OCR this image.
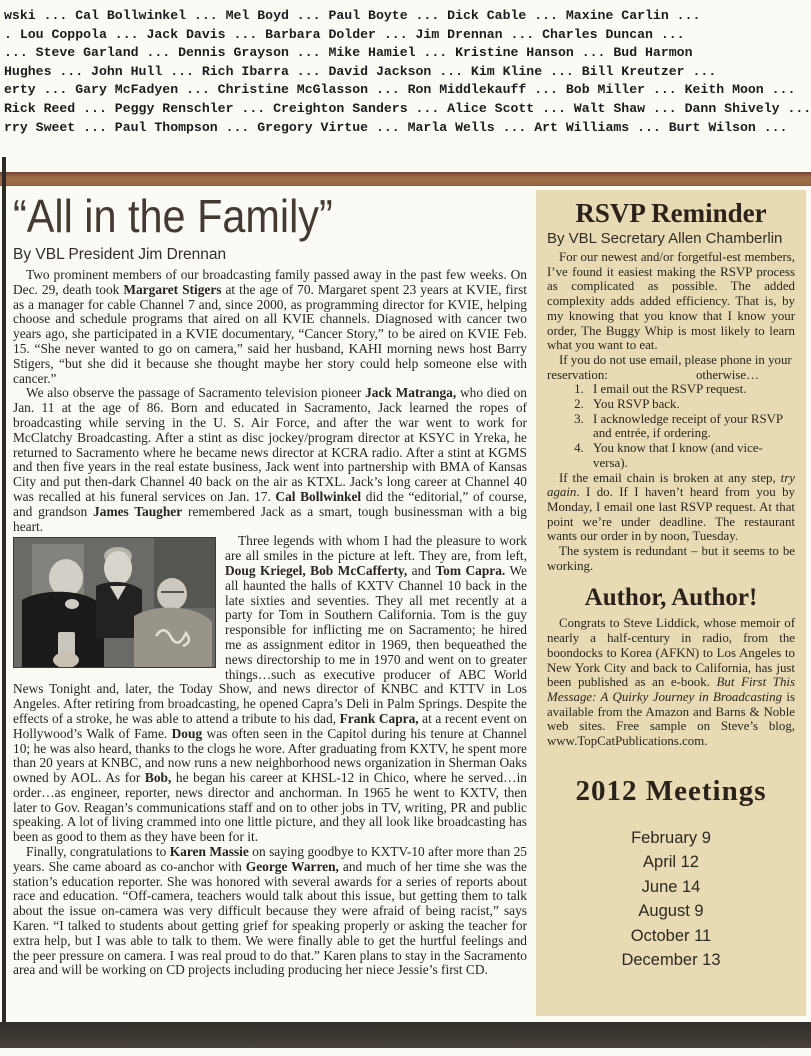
wski ... Cal Bollwinkel ... Mel Boyd ... Paul Boyte ... Dick Cable ... Maxine Carlin ...
. Lou Coppola ... Jack Davis ... Barbara Dolder ... Jim Drennan ... Charles Duncan ...
... Steve Garland ... Dennis Grayson ... Mike Hamiel ... Kristine Hanson ... Bud Harmon
Hughes ... John Hull ... Rich Ibarra ... David Jackson ... Kim Kline ... Bill Kreutzer ...
erty ... Gary McFadyen ... Christine McGlasson ... Ron Middlekauff ... Bob Miller ... Keith Moon ...
Rick Reed ... Peggy Renschler ... Creighton Sanders ... Alice Scott ... Walt Shaw ... Dann Shively ...
rry Sweet ... Paul Thompson ... Gregory Virtue ... Marla Wells ... Art Williams ... Burt Wilson ...
“All in the Family”
By VBL President Jim Drennan

Two prominent members of our broadcasting family passed away in the past few weeks. On Dec. 29, death took Margaret Stigers at the age of 70. Margaret spent 23 years at KVIE, first as a manager for cable Channel 7 and, since 2000, as programming director for KVIE, helping choose and schedule programs that aired on all KVIE channels. Diagnosed with cancer two years ago, she participated in a KVIE documentary, “Cancer Story,” to be aired on KVIE Feb. 15. “She never wanted to go on camera,” said her husband, KAHI morning news host Barry Stigers, “but she did it because she thought maybe her story could help someone else with cancer.”

We also observe the passage of Sacramento television pioneer Jack Matranga, who died on Jan. 11 at the age of 86. Born and educated in Sacramento, Jack learned the ropes of broadcasting while serving in the U. S. Air Force, and after the war went to work for McClatchy Broadcasting. After a stint as disc jockey/program director at KSYC in Yreka, he returned to Sacramento where he became news director at KCRA radio. After a stint at KGMS and then five years in the real estate business, Jack went into partnership with BMA of Kansas City and put then-dark Channel 40 back on the air as KTXL. Jack’s long career at Channel 40 was recalled at his funeral services on Jan. 17. Cal Bollwinkel did the “editorial,” of course, and grandson James Taugher remembered Jack as a smart, tough businessman with a big heart.

Three legends with whom I had the pleasure to work are all smiles in the picture at left. They are, from left, Doug Kriegel, Bob McCafferty, and Tom Capra. We all haunted the halls of KXTV Channel 10 back in the late sixties and seventies. They all met recently at a party for Tom in Southern California. Tom is the guy responsible for inflicting me on Sacramento; he hired me as assignment editor in 1969, then bequeathed the news directorship to me in 1970 and went on to greater things…such as executive producer of ABC World News Tonight and, later, the Today Show, and news director of KNBC and KTTV in Los Angeles. After retiring from broadcasting, he opened Capra’s Deli in Palm Springs. Despite the effects of a stroke, he was able to attend a tribute to his dad, Frank Capra, at a recent event on Hollywood’s Walk of Fame. Doug was often seen in the Capitol during his tenure at Channel 10; he was also heard, thanks to the clogs he wore. After graduating from KXTV, he spent more than 20 years at KNBC, and now runs a new neighborhood news organization in Sherman Oaks owned by AOL. As for Bob, he began his career at KHSL-12 in Chico, where he served…in order…as engineer, reporter, news director and anchorman. In 1965 he went to KXTV, then later to Gov. Reagan’s communications staff and on to other jobs in TV, writing, PR and public speaking. A lot of living crammed into one little picture, and they all look like broadcasting has been as good to them as they have been for it.

Finally, congratulations to Karen Massie on saying goodbye to KXTV-10 after more than 25 years. She came aboard as co-anchor with George Warren, and much of her time she was the station’s education reporter. She was honored with several awards for a series of reports about race and education. “Off-camera, teachers would talk about this issue, but getting them to talk about the issue on-camera was very difficult because they were afraid of being racist,” says Karen. “I talked to students about getting grief for speaking properly or asking the teacher for extra help, but I was able to talk to them. We were finally able to get the hurtful feelings and the peer pressure on camera. I was real proud to do that.” Karen plans to stay in the Sacramento area and will be working on CD projects including producing her niece Jessie’s first CD.

RSVP Reminder
By VBL Secretary Allen Chamberlin

For our newest and/or forgetful-est members, I’ve found it easiest making the RSVP process as complicated as possible. The added complexity adds added efficiency. That is, by my knowing that you know that I know your order, The Buggy Whip is most likely to learn what you want to eat.

If you do not use email, please phone in your

reservation:	otherwise…
1. I email out the RSVP request.
2. You RSVP back.
3. I acknowledge receipt of your RSVP and entrée, if ordering.
4. You know that I know (and vice-versa).

If the email chain is broken at any step, try again. I do. If I haven’t heard from you by Monday, I email one last RSVP request. At that point we’re under deadline. The restaurant wants our order in by noon, Tuesday.

The system is redundant – but it seems to be working.

Author, Author!

Congrats to Steve Liddick, whose memoir of nearly a half-century in radio, from the boondocks to Korea (AFKN) to Los Angeles to New York City and back to California, has just been published as an e-book. But First This Message: A Quirky Journey in Broadcasting is available from the Amazon and Barns & Noble web sites. Free sample on Steve’s blog, www.TopCatPublications.com.

2012 Meetings
February 9
April 12
June 14
August 9
October 11
December 13
